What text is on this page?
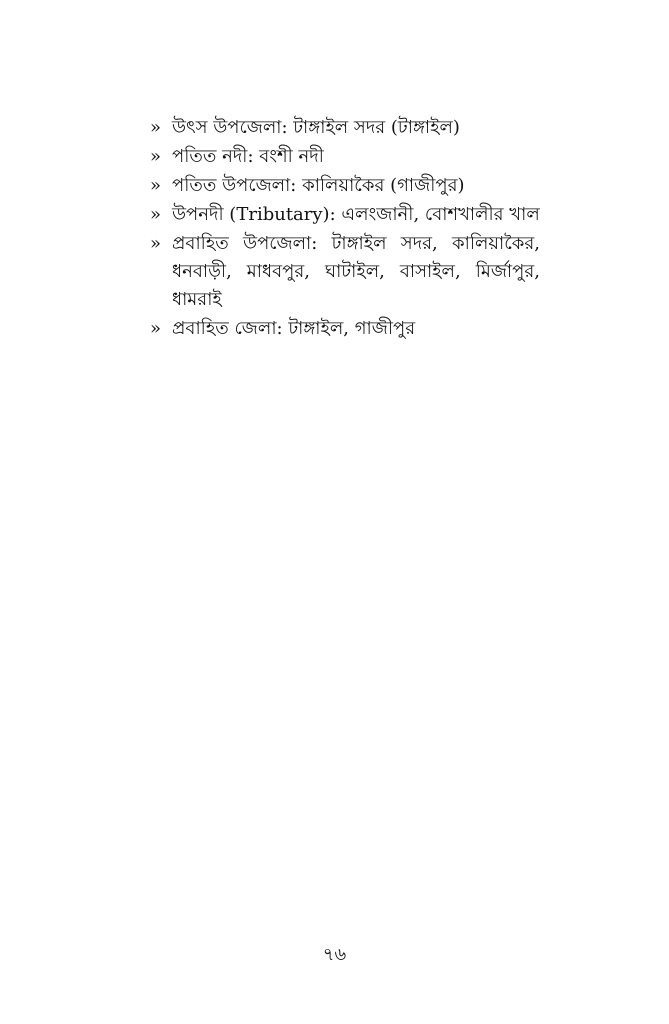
» উৎস উপজেলা: টাঙ্গাইল সদর (টাঙ্গাইল)
» পতিত নদী: বংশী নদী
» পতিত উপজেলা: কালিয়াকৈর (গাজীপুর)
» উপনদী (Tributary): এলংজানী, বোশখালীর খাল
» প্রবাহিত উপজেলা: টাঙ্গাইল সদর, কালিয়াকৈর, ধনবাড়ী, মাধবপুর, ঘাটাইল, বাসাইল, মির্জাপুর, ধামরাই
» প্রবাহিত জেলা: টাঙ্গাইল, গাজীপুর
৭৬
